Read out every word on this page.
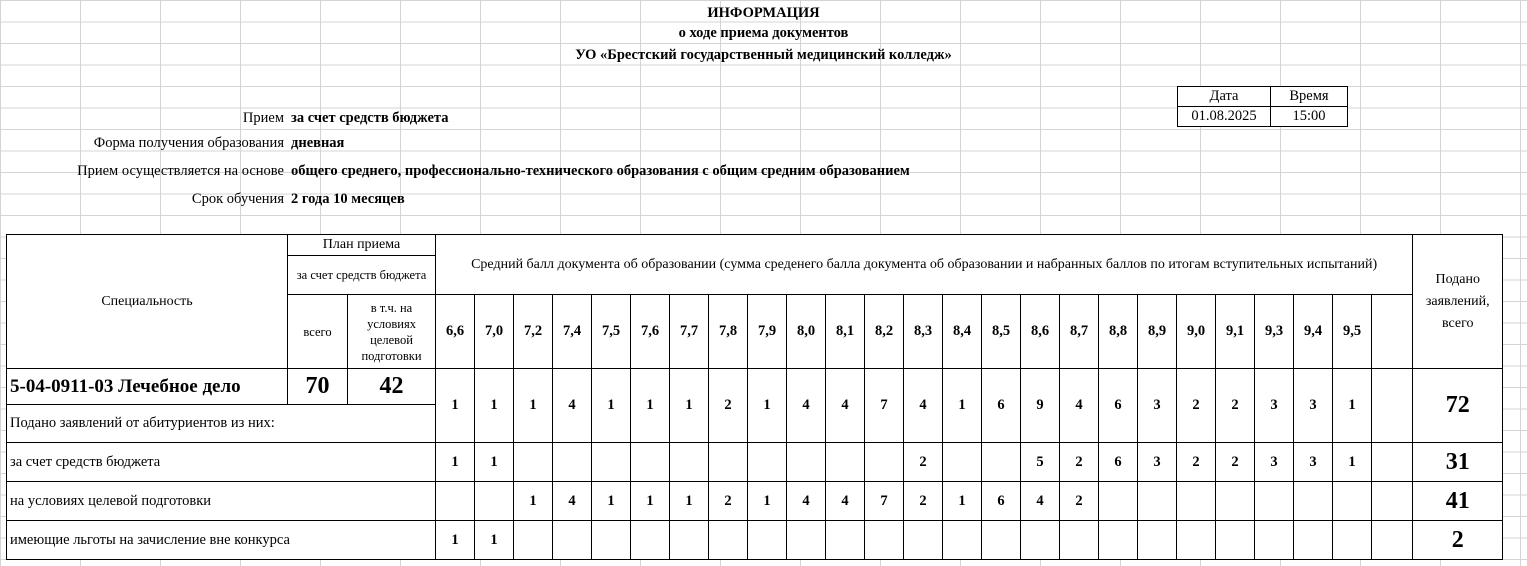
ИНФОРМАЦИЯ
о ходе приема документов
УО «Брестский государственный медицинский колледж»
Дата	Время
01.08.2025	15:00
Прием за счет средств бюджета
Форма получения образования дневная
Прием осуществляется на основе общего среднего, профессионально-технического образования с общим средним образованием
Срок обучения 2 года 10 месяцев
Специальность	План приема		Средний балл документа об образовании (сумма среденего балла документа об образовании и набранных баллов по итогам вступительных испытаний)																									Подано заявлений, всего
	за счет средств бюджета																											
	всего	в т.ч. на условиях целевой подготовки	6,6	7,0	7,2	7,4	7,5	7,6	7,7	7,8	7,9	8,0	8,1	8,2	8,3	8,4	8,5	8,6	8,7	8,8	8,9	9,0	9,1	9,3	9,4	9,5		
5-04-0911-03 Лечебное дело	70	42	1	1	1	4	1	1	1	2	1	4	4	7	4	1	6	9	4	6	3	2	2	3	3	1		72
Подано заявлений от абитуриентов из них:																												
за счет средств бюджета			1	1											2			5	2	6	3	2	2	3	3	1		31
на условиях целевой подготовки					1	4	1	1	1	2	1	4	4	7	2	1	6	4	2									41
имеющие льготы на зачисление вне конкурса			1	1																								2
